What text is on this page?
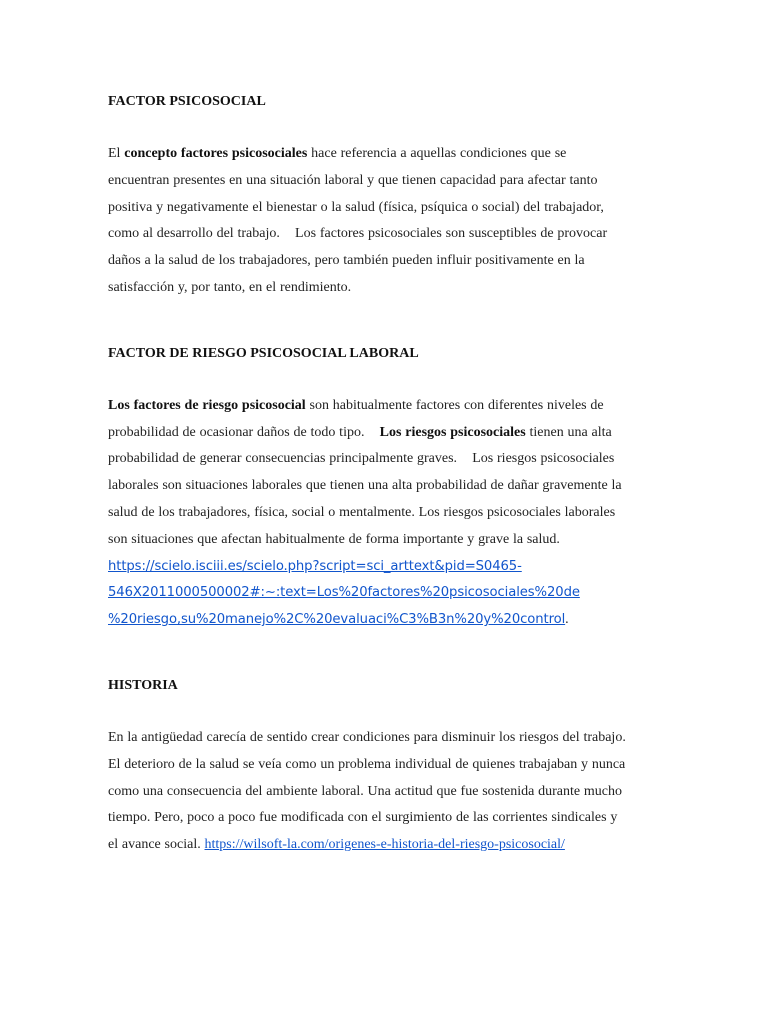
FACTOR PSICOSOCIAL

El concepto factores psicosociales hace referencia a aquellas condiciones que se
encuentran presentes en una situación laboral y que tienen capacidad para afectar tanto
positiva y negativamente el bienestar o la salud (física, psíquica o social) del trabajador,
como al desarrollo del trabajo.    Los factores psicosociales son susceptibles de provocar
daños a la salud de los trabajadores, pero también pueden influir positivamente en la
satisfacción y, por tanto, en el rendimiento.

FACTOR DE RIESGO PSICOSOCIAL LABORAL

Los factores de riesgo psicosocial son habitualmente factores con diferentes niveles de
probabilidad de ocasionar daños de todo tipo.    Los riesgos psicosociales tienen una alta
probabilidad de generar consecuencias principalmente graves.    Los riesgos psicosociales
laborales son situaciones laborales que tienen una alta probabilidad de dañar gravemente la
salud de los trabajadores, física, social o mentalmente. Los riesgos psicosociales laborales
son situaciones que afectan habitualmente de forma importante y grave la salud.
https://scielo.isciii.es/scielo.php?script=sci_arttext&pid=S0465-
546X2011000500002#:~:text=Los%20factores%20psicosociales%20de
%20riesgo,su%20manejo%2C%20evaluaci%C3%B3n%20y%20control.

HISTORIA

En la antigüedad carecía de sentido crear condiciones para disminuir los riesgos del trabajo.
El deterioro de la salud se veía como un problema individual de quienes trabajaban y nunca
como una consecuencia del ambiente laboral. Una actitud que fue sostenida durante mucho
tiempo. Pero, poco a poco fue modificada con el surgimiento de las corrientes sindicales y
el avance social. https://wilsoft-la.com/origenes-e-historia-del-riesgo-psicosocial/
